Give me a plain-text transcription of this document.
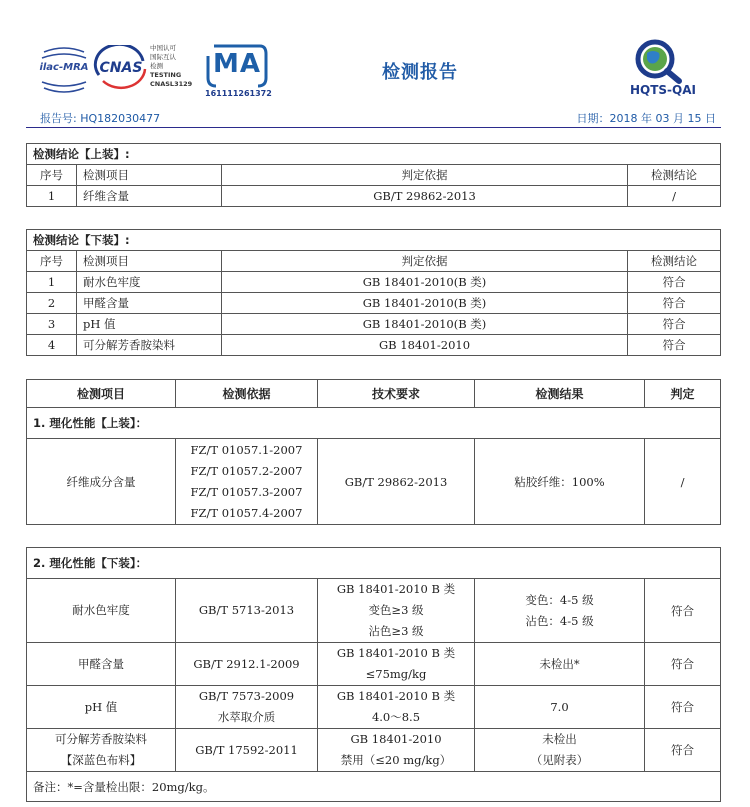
ilac-MRA CNAS
中国认可
国际互认
检测
TESTING
CNASL3129
MA
161111261372
检测报告
HQTS-QAI
报告号: HQ182030477	日期：2018 年 03 月 15 日
检测结论【上装】:			
序号	检测项目	判定依据	检测结论
1	纤维含量	GB/T 29862-2013	/
检测结论【下装】:			
序号	检测项目	判定依据	检测结论
1	耐水色牢度	GB 18401-2010(B 类)	符合
2	甲醛含量	GB 18401-2010(B 类)	符合
3	pH 值	GB 18401-2010(B 类)	符合
4	可分解芳香胺染料	GB 18401-2010	符合
检测项目	检测依据	技术要求	检测结果	判定
1. 理化性能【上装】：				
纤维成分含量	FZ/T 01057.1-2007
FZ/T 01057.2-2007
FZ/T 01057.3-2007
FZ/T 01057.4-2007	GB/T 29862-2013	粘胶纤维：100%	/
2. 理化性能【下装】：				

耐水色牢度	GB/T 5713-2013	GB 18401-2010 B 类
变色≥3 级
沾色≥3 级	变色：4-5 级
沾色：4-5 级	符合

甲醛含量	GB/T 2912.1-2009	GB 18401-2010 B 类
≤75mg/kg	未检出*	符合

pH 值	GB/T 7573-2009
水萃取介质	GB 18401-2010 B 类
4.0～8.5	7.0	符合

可分解芳香胺染料
【深蓝色布料】	GB/T 17592-2011	GB 18401-2010
禁用（≤20 mg/kg）	未检出
（见附表）	符合
备注：*=含量检出限：20mg/kg。				
